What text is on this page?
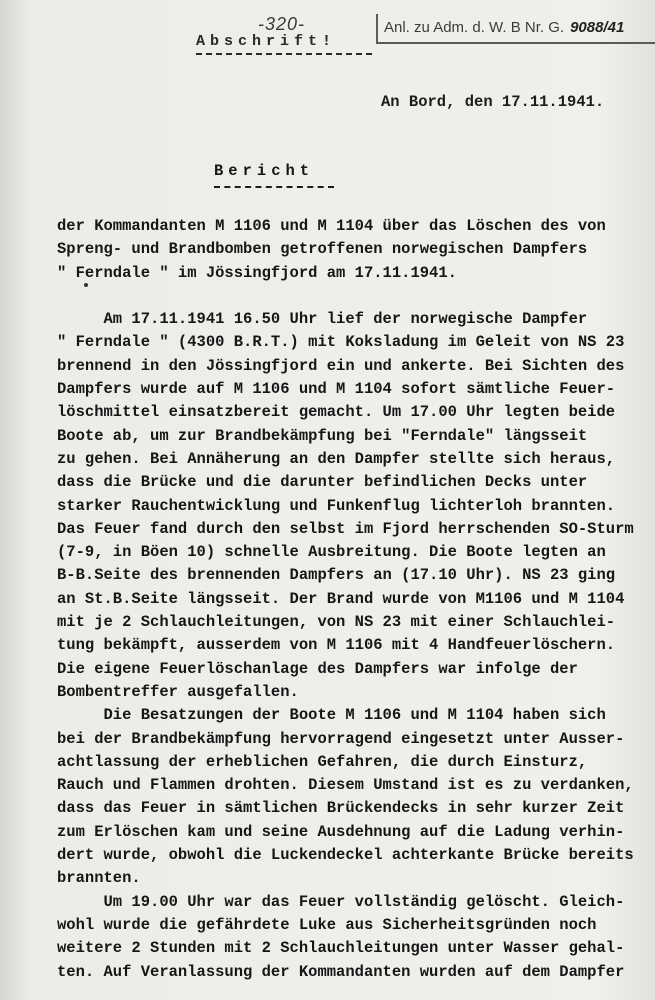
-320-	Anl. zu Adm. d. W. B Nr. G. 9088/41
Abschrift!
An Bord, den 17.11.1941.
Bericht
der Kommandanten M 1106 und M 1104 über das Löschen des von
Spreng- und Brandbomben getroffenen norwegischen Dampfers
" Ferndale " im Jössingfjord am 17.11.1941.
Am 17.11.1941 16.50 Uhr lief der norwegische Dampfer
" Ferndale " (4300 B.R.T.) mit Koksladung im Geleit von NS 23
brennend in den Jössingfjord ein und ankerte. Bei Sichten des
Dampfers wurde auf M 1106 und M 1104 sofort sämtliche Feuer-
löschmittel einsatzbereit gemacht. Um 17.00 Uhr legten beide
Boote ab, um zur Brandbekämpfung bei "Ferndale" längsseit
zu gehen. Bei Annäherung an den Dampfer stellte sich heraus,
dass die Brücke und die darunter befindlichen Decks unter
starker Rauchentwicklung und Funkenflug lichterloh brannten.
Das Feuer fand durch den selbst im Fjord herrschenden SO-Sturm
(7-9, in Böen 10) schnelle Ausbreitung. Die Boote legten an
B-B.Seite des brennenden Dampfers an (17.10 Uhr). NS 23 ging
an St.B.Seite längsseit. Der Brand wurde von M1106 und M 1104
mit je 2 Schlauchleitungen, von NS 23 mit einer Schlauchlei-
tung bekämpft, ausserdem von M 1106 mit 4 Handfeuerlöschern.
Die eigene Feuerlöschanlage des Dampfers war infolge der
Bombentreffer ausgefallen.
Die Besatzungen der Boote M 1106 und M 1104 haben sich
bei der Brandbekämpfung hervorragend eingesetzt unter Ausser-
achtlassung der erheblichen Gefahren, die durch Einsturz,
Rauch und Flammen drohten. Diesem Umstand ist es zu verdanken,
dass das Feuer in sämtlichen Brückendecks in sehr kurzer Zeit
zum Erlöschen kam und seine Ausdehnung auf die Ladung verhin-
dert wurde, obwohl die Luckendeckel achterkante Brücke bereits
brannten.
Um 19.00 Uhr war das Feuer vollständig gelöscht. Gleich-
wohl wurde die gefährdete Luke aus Sicherheitsgründen noch
weitere 2 Stunden mit 2 Schlauchleitungen unter Wasser gehal-
ten. Auf Veranlassung der Kommandanten wurden auf dem Dampfer
